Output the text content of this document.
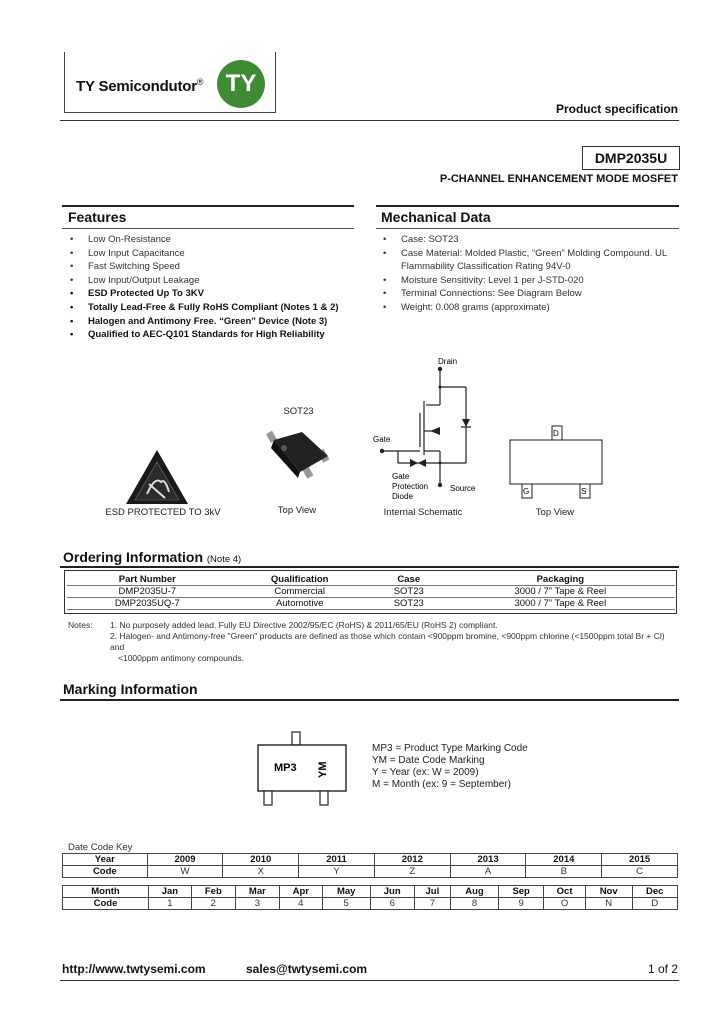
TY Semicondutor® TY
Product specification
DMP2035U
P-CHANNEL ENHANCEMENT MODE MOSFET
Features
• Low On-Resistance
• Low Input Capacitance
• Fast Switching Speed
• Low Input/Output Leakage
• ESD Protected Up To 3KV
• Totally Lead-Free & Fully RoHS Compliant (Notes 1 & 2)
• Halogen and Antimony Free. “Green” Device (Note 3)
• Qualified to AEC-Q101 Standards for High Reliability
Mechanical Data
• Case: SOT23
• Case Material: Molded Plastic, “Green” Molding Compound. UL Flammability Classification Rating 94V-0
• Moisture Sensitivity: Level 1 per J-STD-020
• Terminal Connections: See Diagram Below
• Weight: 0.008 grams (approximate)
ESD PROTECTED TO 3kV
SOT23
Top View
Drain
Gate
Source
Gate
Protection
Diode
Internal Schematic
D
G	S
Top View
Ordering Information (Note 4)
Part Number	Qualification	Case	Packaging
DMP2035U-7	Commercial	SOT23	3000 / 7” Tape & Reel
DMP2035UQ-7	Automotive	SOT23	3000 / 7” Tape & Reel
Notes: 1. No purposely added lead. Fully EU Directive 2002/95/EC (RoHS) & 2011/65/EU (RoHS 2) compliant.
2. Halogen- and Antimony-free "Green" products are defined as those which contain <900ppm bromine, <900ppm chlorine (<1500ppm total Br + Cl) and
<1000ppm antimony compounds.
Marking Information
MP3 YM
MP3 = Product Type Marking Code
YM = Date Code Marking
Y = Year (ex: W = 2009)
M = Month (ex: 9 = September)
Date Code Key
Year	2009	2010	2011	2012	2013	2014	2015
Code	W	X	Y	Z	A	B	C
Month	Jan	Feb	Mar	Apr	May	Jun	Jul	Aug	Sep	Oct	Nov	Dec
Code	1	2	3	4	5	6	7	8	9	O	N	D
http://www.twtysemi.com	sales@twtysemi.com	1 of 2
